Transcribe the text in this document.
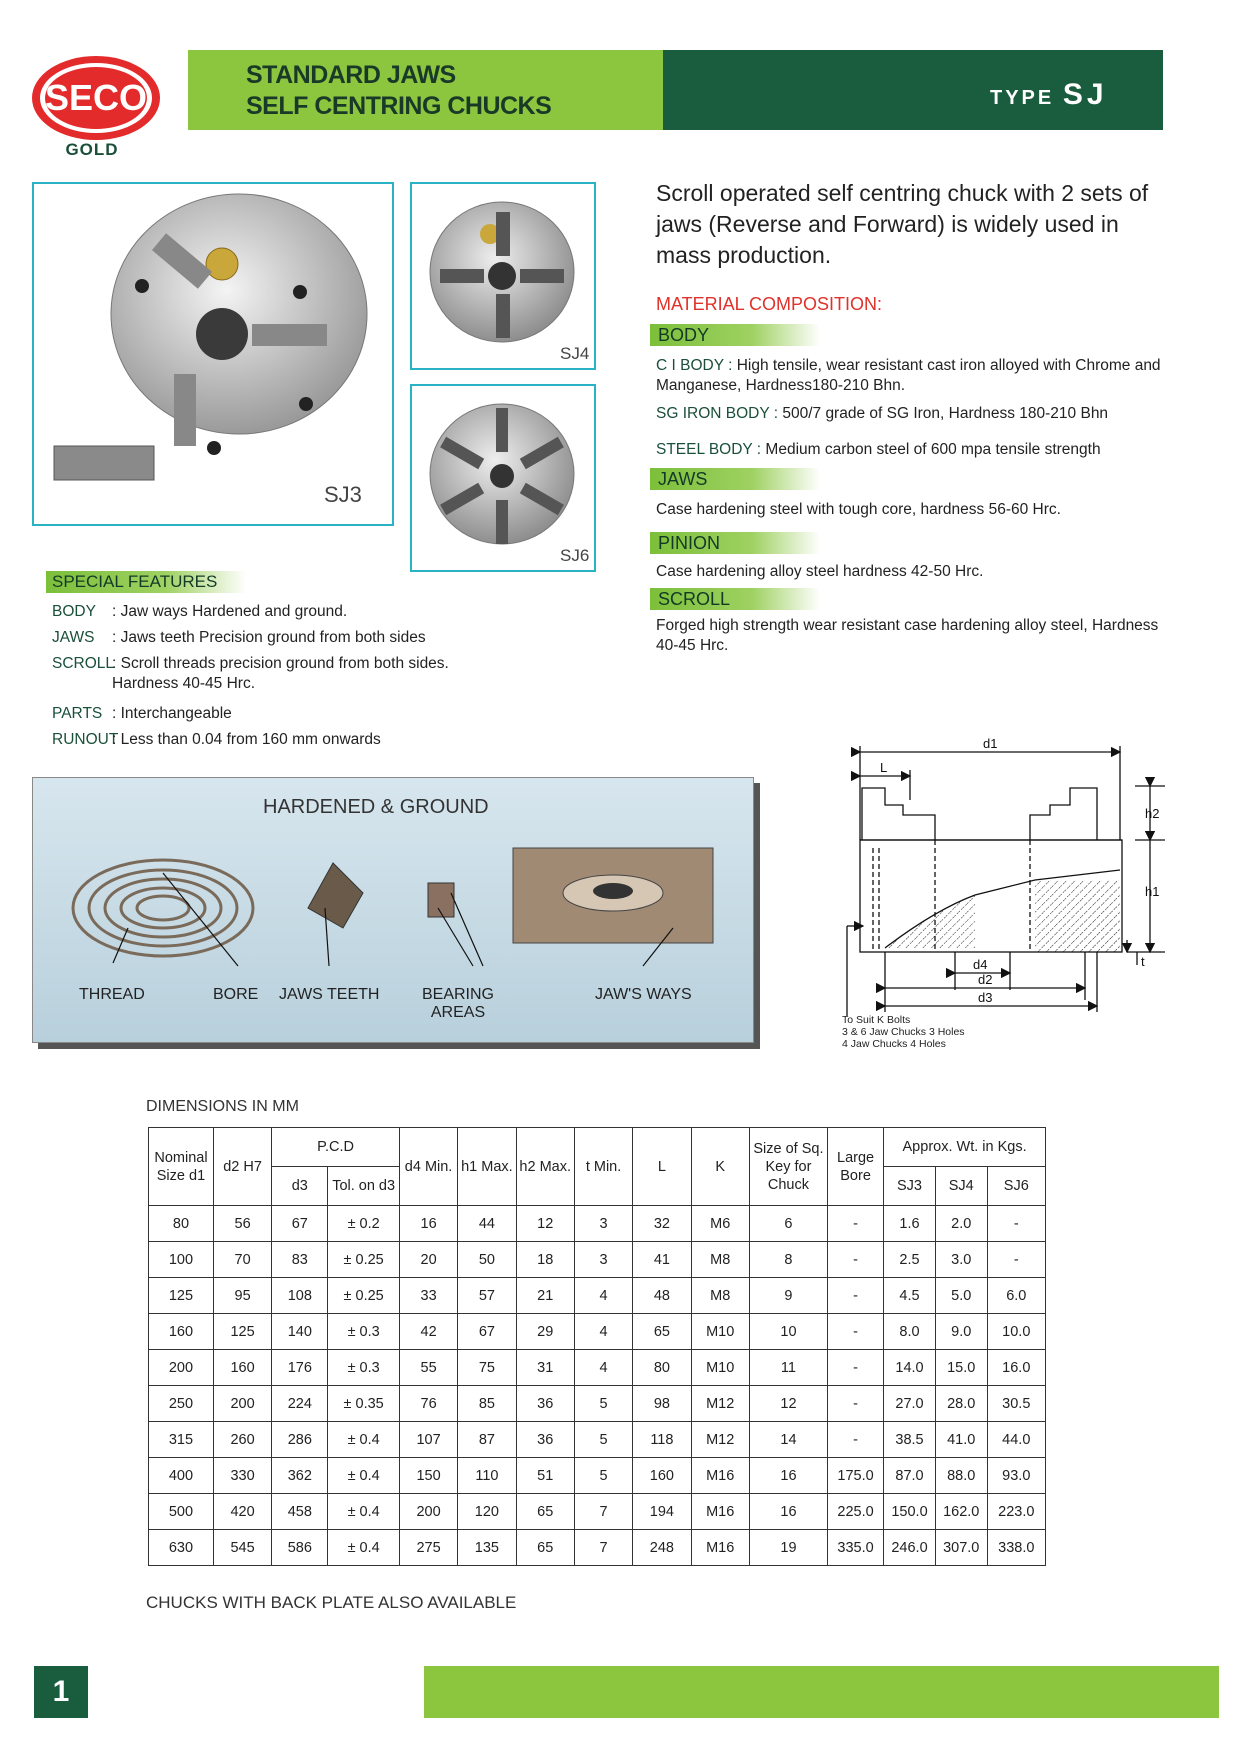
SECO
GOLD
STANDARD JAWS
SELF CENTRING CHUCKS	TYPE SJ
SJ3
SJ4
SJ6
Scroll operated self centring chuck with 2 sets of jaws (Reverse and Forward) is widely used in mass production.
MATERIAL COMPOSITION:
BODY
C I BODY : High tensile, wear resistant cast iron alloyed with Chrome and Manganese, Hardness180-210 Bhn.
SG IRON BODY : 500/7 grade of SG Iron, Hardness 180-210 Bhn
STEEL BODY : Medium carbon steel of 600 mpa tensile strength
JAWS
Case hardening steel with tough core, hardness 56-60 Hrc.
PINION
Case hardening alloy steel hardness 42-50 Hrc.
SCROLL
Forged high strength wear resistant case hardening alloy steel, Hardness 40-45 Hrc.
SPECIAL FEATURES
BODY : Jaw ways Hardened and ground.
JAWS : Jaws teeth Precision ground from both sides
SCROLL: Scroll threads precision ground from both sides. Hardness 40-45 Hrc.
PARTS : Interchangeable
RUNOUT: Less than 0.04 from 160 mm onwards
HARDENED & GROUND
THREAD	BORE JAWS TEETH	BEARING AREAS
JAW'S WAYS
d1
L
h2
h1
t
d4
d2
d3
To Suit K Bolts
3 & 6 Jaw Chucks 3 Holes
4 Jaw Chucks 4 Holes
DIMENSIONS IN MM
Nominal Size d1	d2 H7	P.C.D		d4 Min.	h1 Max.	h2 Max.	t Min.	L	K	Size of Sq. Key for Chuck	Large Bore	Approx. Wt. in Kgs.		
		d3	Tol. on d3									SJ3	SJ4	SJ6
80	56	67	± 0.2	16	44	12	3	32	M6	6	-	1.6	2.0	-
100	70	83	± 0.25	20	50	18	3	41	M8	8	-	2.5	3.0	-
125	95	108	± 0.25	33	57	21	4	48	M8	9	-	4.5	5.0	6.0
160	125	140	± 0.3	42	67	29	4	65	M10	10	-	8.0	9.0	10.0
200	160	176	± 0.3	55	75	31	4	80	M10	11	-	14.0	15.0	16.0
250	200	224	± 0.35	76	85	36	5	98	M12	12	-	27.0	28.0	30.5
315	260	286	± 0.4	107	87	36	5	118	M12	14	-	38.5	41.0	44.0
400	330	362	± 0.4	150	110	51	5	160	M16	16	175.0	87.0	88.0	93.0
500	420	458	± 0.4	200	120	65	7	194	M16	16	225.0	150.0	162.0	223.0
630	545	586	± 0.4	275	135	65	7	248	M16	19	335.0	246.0	307.0	338.0
CHUCKS WITH BACK PLATE ALSO AVAILABLE
1
